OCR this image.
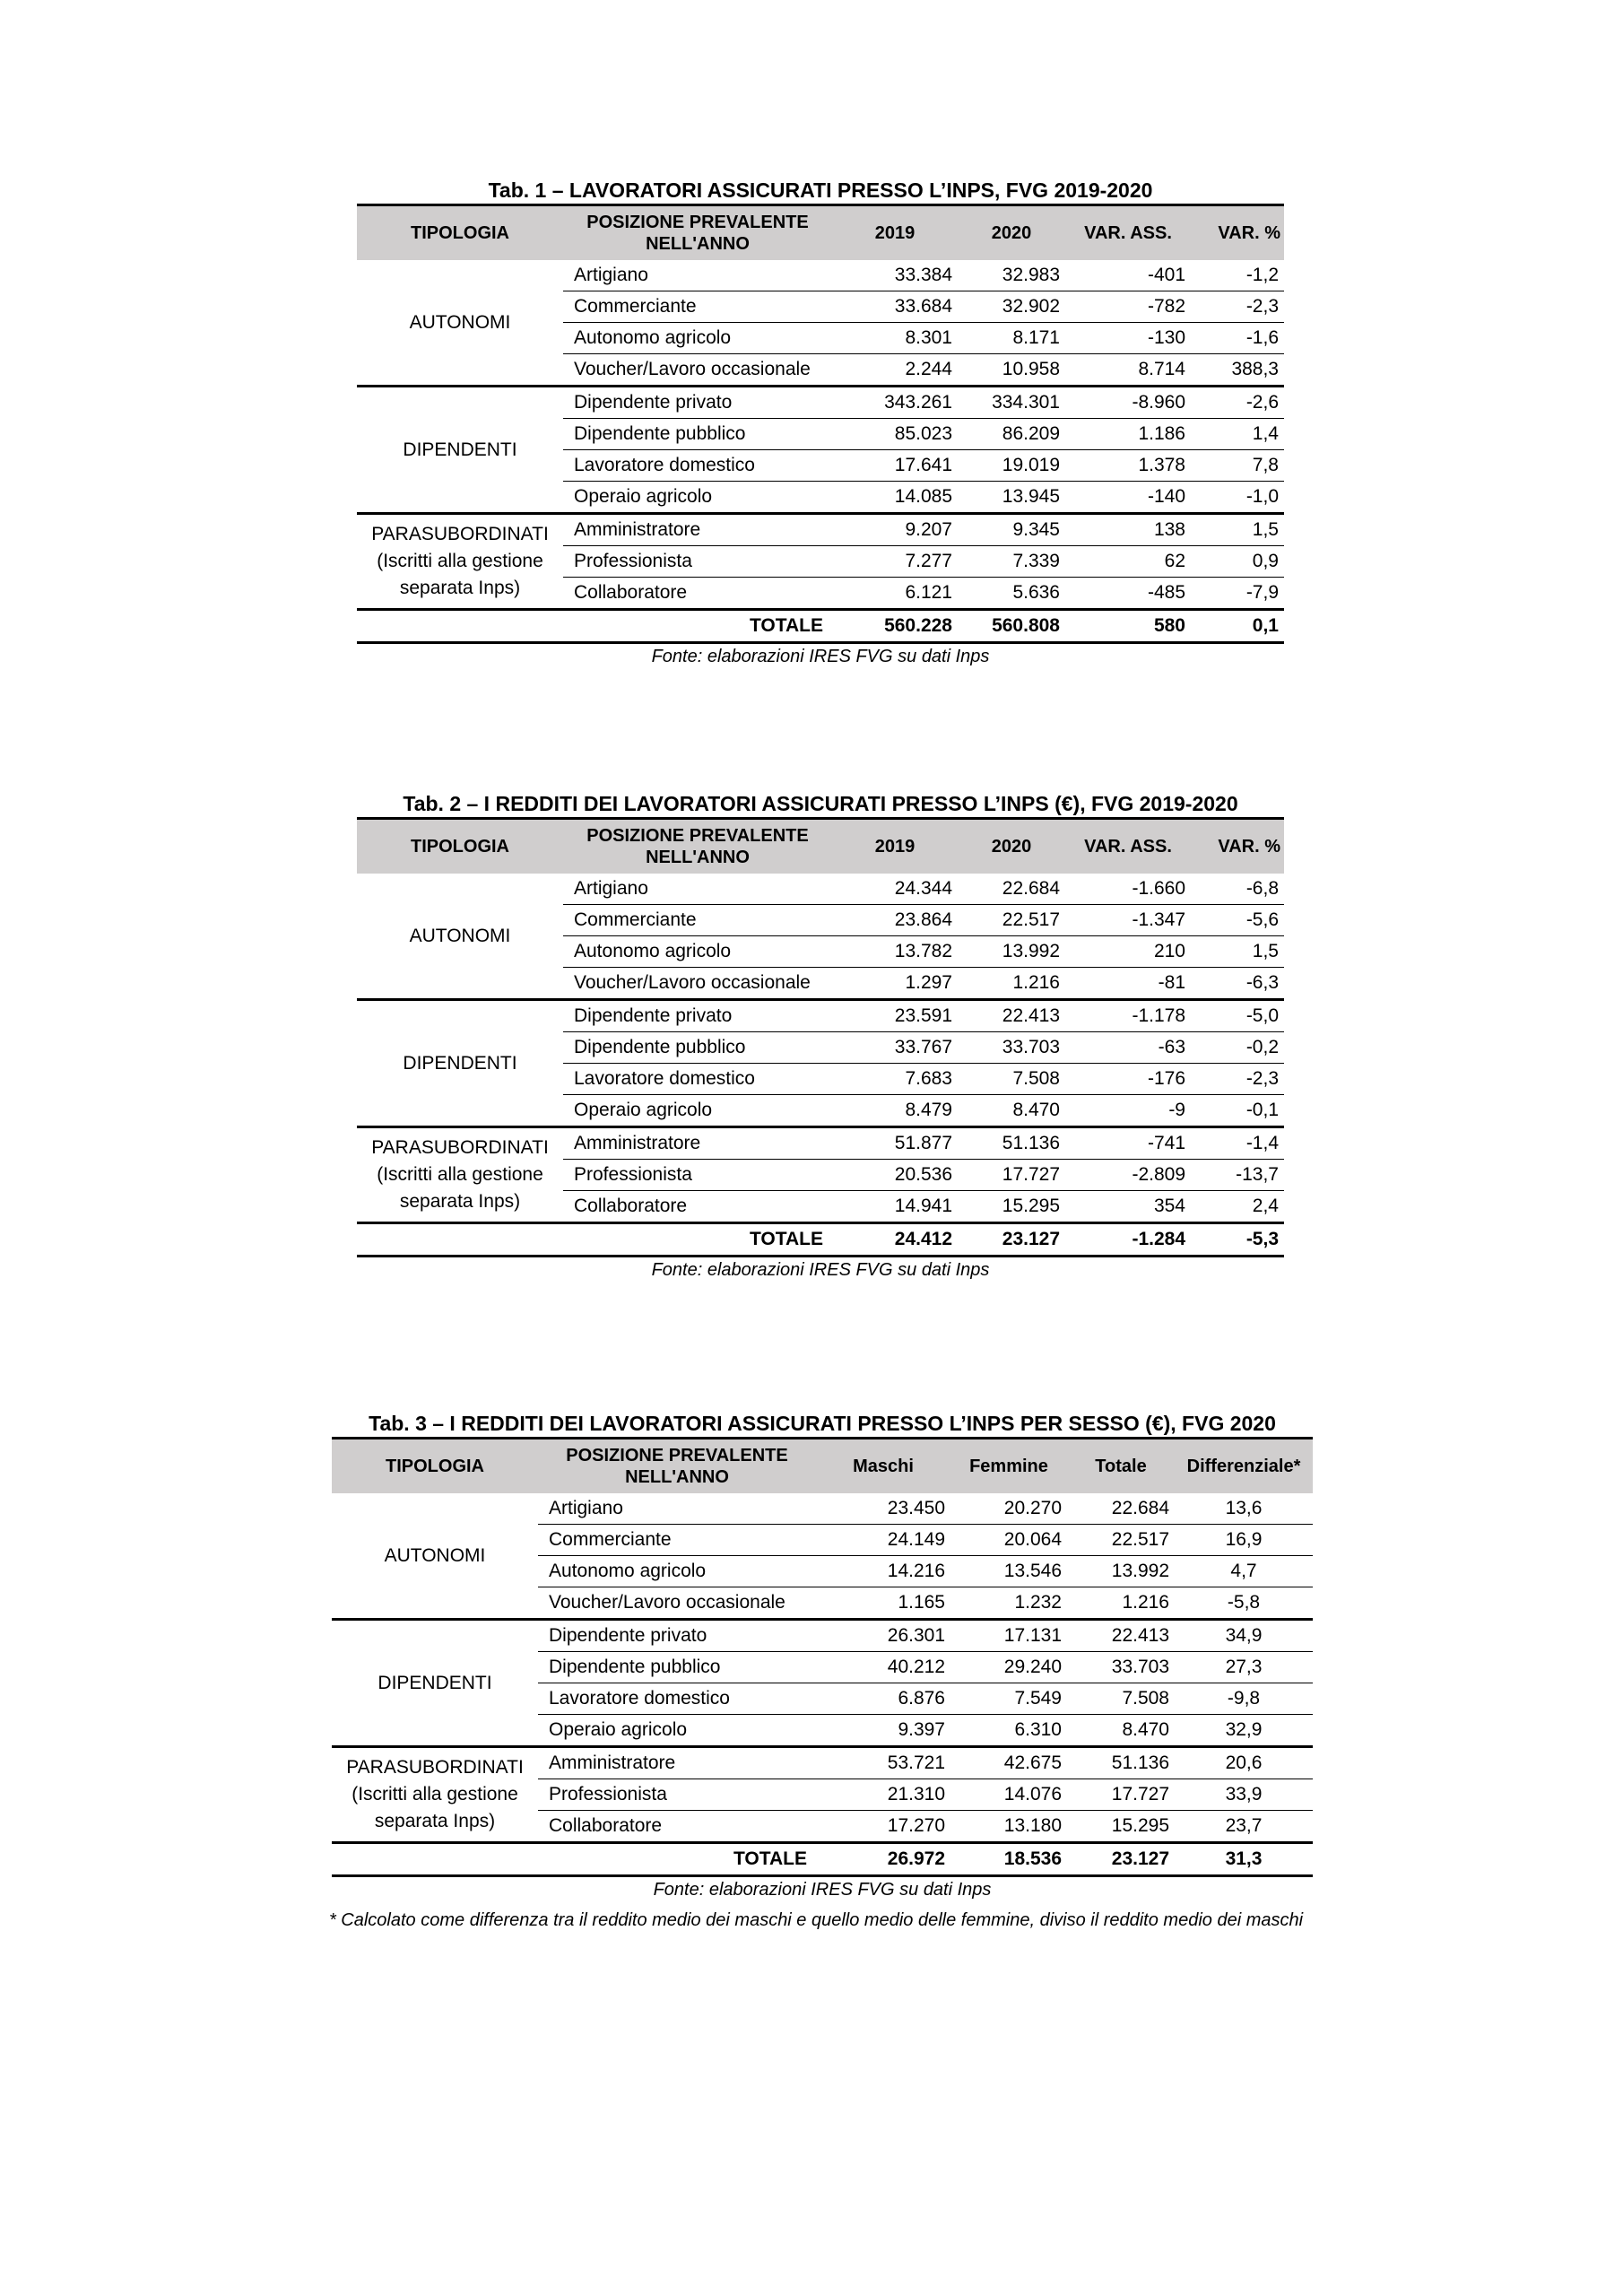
Tab. 1 – LAVORATORI ASSICURATI PRESSO L’INPS, FVG 2019-2020
TIPOLOGIA	POSIZIONE PREVALENTE NELL'ANNO	2019	2020	VAR. ASS.	VAR. %
AUTONOMI	Artigiano	33.384	32.983	-401	-1,2
	Commerciante	33.684	32.902	-782	-2,3
	Autonomo agricolo	8.301	8.171	-130	-1,6
	Voucher/Lavoro occasionale	2.244	10.958	8.714	388,3
DIPENDENTI	Dipendente privato	343.261	334.301	-8.960	-2,6
	Dipendente pubblico	85.023	86.209	1.186	1,4
	Lavoratore domestico	17.641	19.019	1.378	7,8
	Operaio agricolo	14.085	13.945	-140	-1,0
PARASUBORDINATI (Iscritti alla gestione separata Inps)	Amministratore	9.207	9.345	138	1,5
	Professionista	7.277	7.339	62	0,9
	Collaboratore	6.121	5.636	-485	-7,9
	TOTALE	560.228	560.808	580	0,1
Fonte: elaborazioni IRES FVG su dati Inps
Tab. 2 – I REDDITI DEI LAVORATORI ASSICURATI PRESSO L’INPS (€), FVG 2019-2020
TIPOLOGIA	POSIZIONE PREVALENTE NELL'ANNO	2019	2020	VAR. ASS.	VAR. %
AUTONOMI	Artigiano	24.344	22.684	-1.660	-6,8
	Commerciante	23.864	22.517	-1.347	-5,6
	Autonomo agricolo	13.782	13.992	210	1,5
	Voucher/Lavoro occasionale	1.297	1.216	-81	-6,3
DIPENDENTI	Dipendente privato	23.591	22.413	-1.178	-5,0
	Dipendente pubblico	33.767	33.703	-63	-0,2
	Lavoratore domestico	7.683	7.508	-176	-2,3
	Operaio agricolo	8.479	8.470	-9	-0,1
PARASUBORDINATI (Iscritti alla gestione separata Inps)	Amministratore	51.877	51.136	-741	-1,4
	Professionista	20.536	17.727	-2.809	-13,7
	Collaboratore	14.941	15.295	354	2,4
	TOTALE	24.412	23.127	-1.284	-5,3
Fonte: elaborazioni IRES FVG su dati Inps
Tab. 3 – I REDDITI DEI LAVORATORI ASSICURATI PRESSO L’INPS PER SESSO (€), FVG 2020
TIPOLOGIA	POSIZIONE PREVALENTE NELL'ANNO	Maschi	Femmine	Totale	Differenziale*
AUTONOMI	Artigiano	23.450	20.270	22.684	13,6
	Commerciante	24.149	20.064	22.517	16,9
	Autonomo agricolo	14.216	13.546	13.992	4,7
	Voucher/Lavoro occasionale	1.165	1.232	1.216	-5,8
DIPENDENTI	Dipendente privato	26.301	17.131	22.413	34,9
	Dipendente pubblico	40.212	29.240	33.703	27,3
	Lavoratore domestico	6.876	7.549	7.508	-9,8
	Operaio agricolo	9.397	6.310	8.470	32,9
PARASUBORDINATI (Iscritti alla gestione separata Inps)	Amministratore	53.721	42.675	51.136	20,6
	Professionista	21.310	14.076	17.727	33,9
	Collaboratore	17.270	13.180	15.295	23,7
	TOTALE	26.972	18.536	23.127	31,3
Fonte: elaborazioni IRES FVG su dati Inps
* Calcolato come differenza tra il reddito medio dei maschi e quello medio delle femmine, diviso il reddito medio dei maschi
